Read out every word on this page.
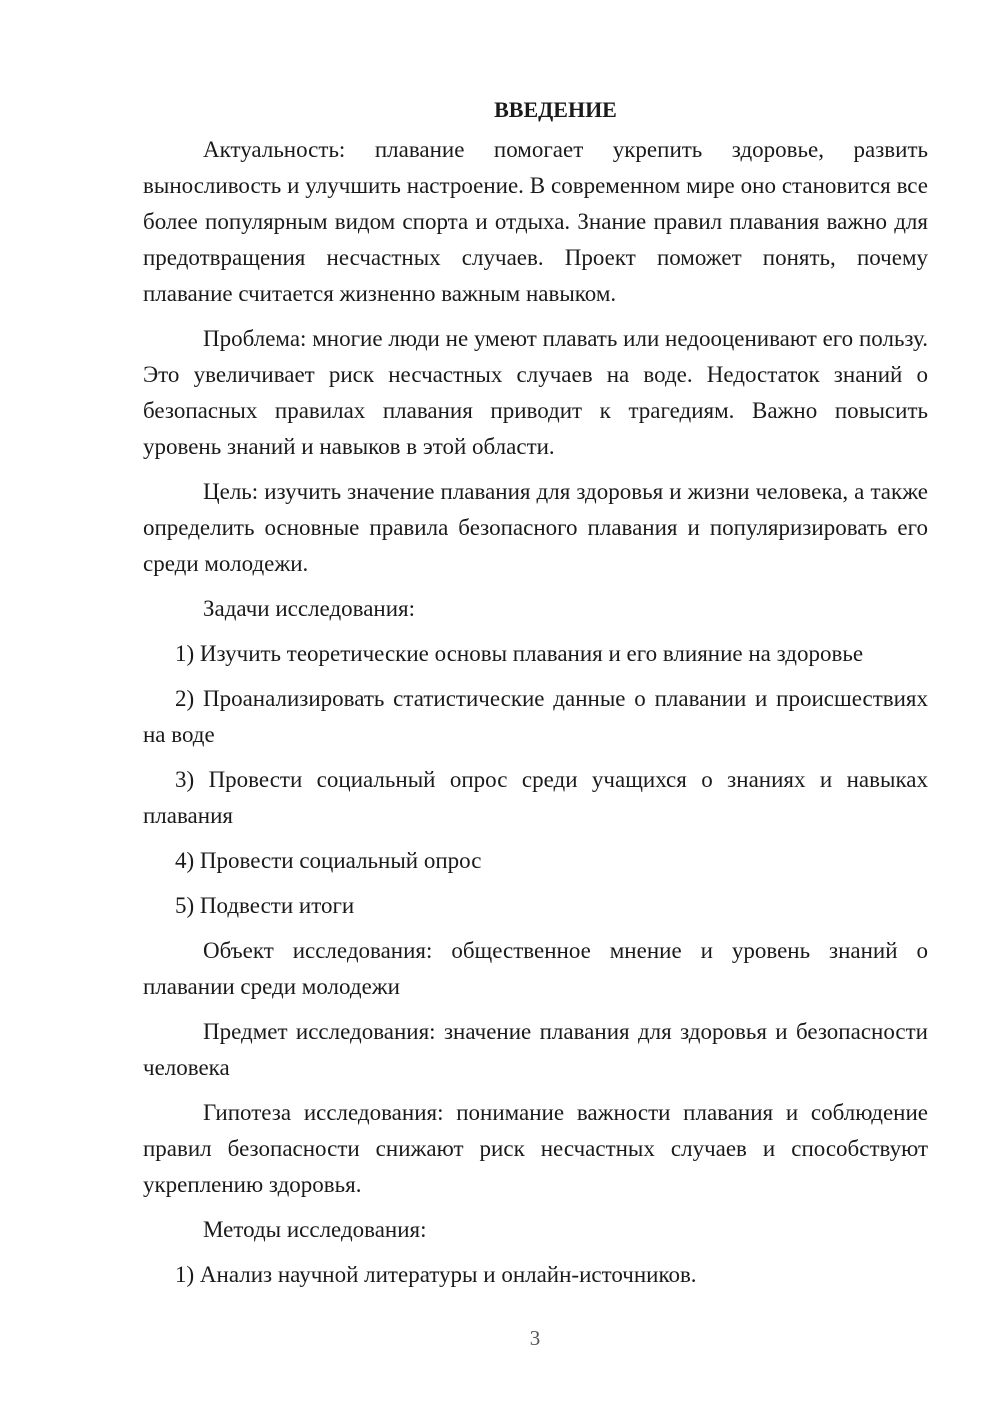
ВВЕДЕНИЕ

Актуальность: плавание помогает укрепить здоровье, развить выносливость и улучшить настроение. В современном мире оно становится все более популярным видом спорта и отдыха. Знание правил плавания важно для предотвращения несчастных случаев. Проект поможет понять, почему плавание считается жизненно важным навыком.

Проблема: многие люди не умеют плавать или недооценивают его пользу. Это увеличивает риск несчастных случаев на воде. Недостаток знаний о безопасных правилах плавания приводит к трагедиям. Важно повысить уровень знаний и навыков в этой области.

Цель: изучить значение плавания для здоровья и жизни человека, а также определить основные правила безопасного плавания и популяризировать его среди молодежи.

Задачи исследования:

1) Изучить теоретические основы плавания и его влияние на здоровье

2) Проанализировать статистические данные о плавании и происшествиях на воде

3) Провести социальный опрос среди учащихся о знаниях и навыках плавания

4) Провести социальный опрос

5) Подвести итоги

Объект исследования: общественное мнение и уровень знаний о плавании среди молодежи

Предмет исследования: значение плавания для здоровья и безопасности человека

Гипотеза исследования: понимание важности плавания и соблюдение правил безопасности снижают риск несчастных случаев и способствуют укреплению здоровья.

Методы исследования:

1) Анализ научной литературы и онлайн-источников.

3
